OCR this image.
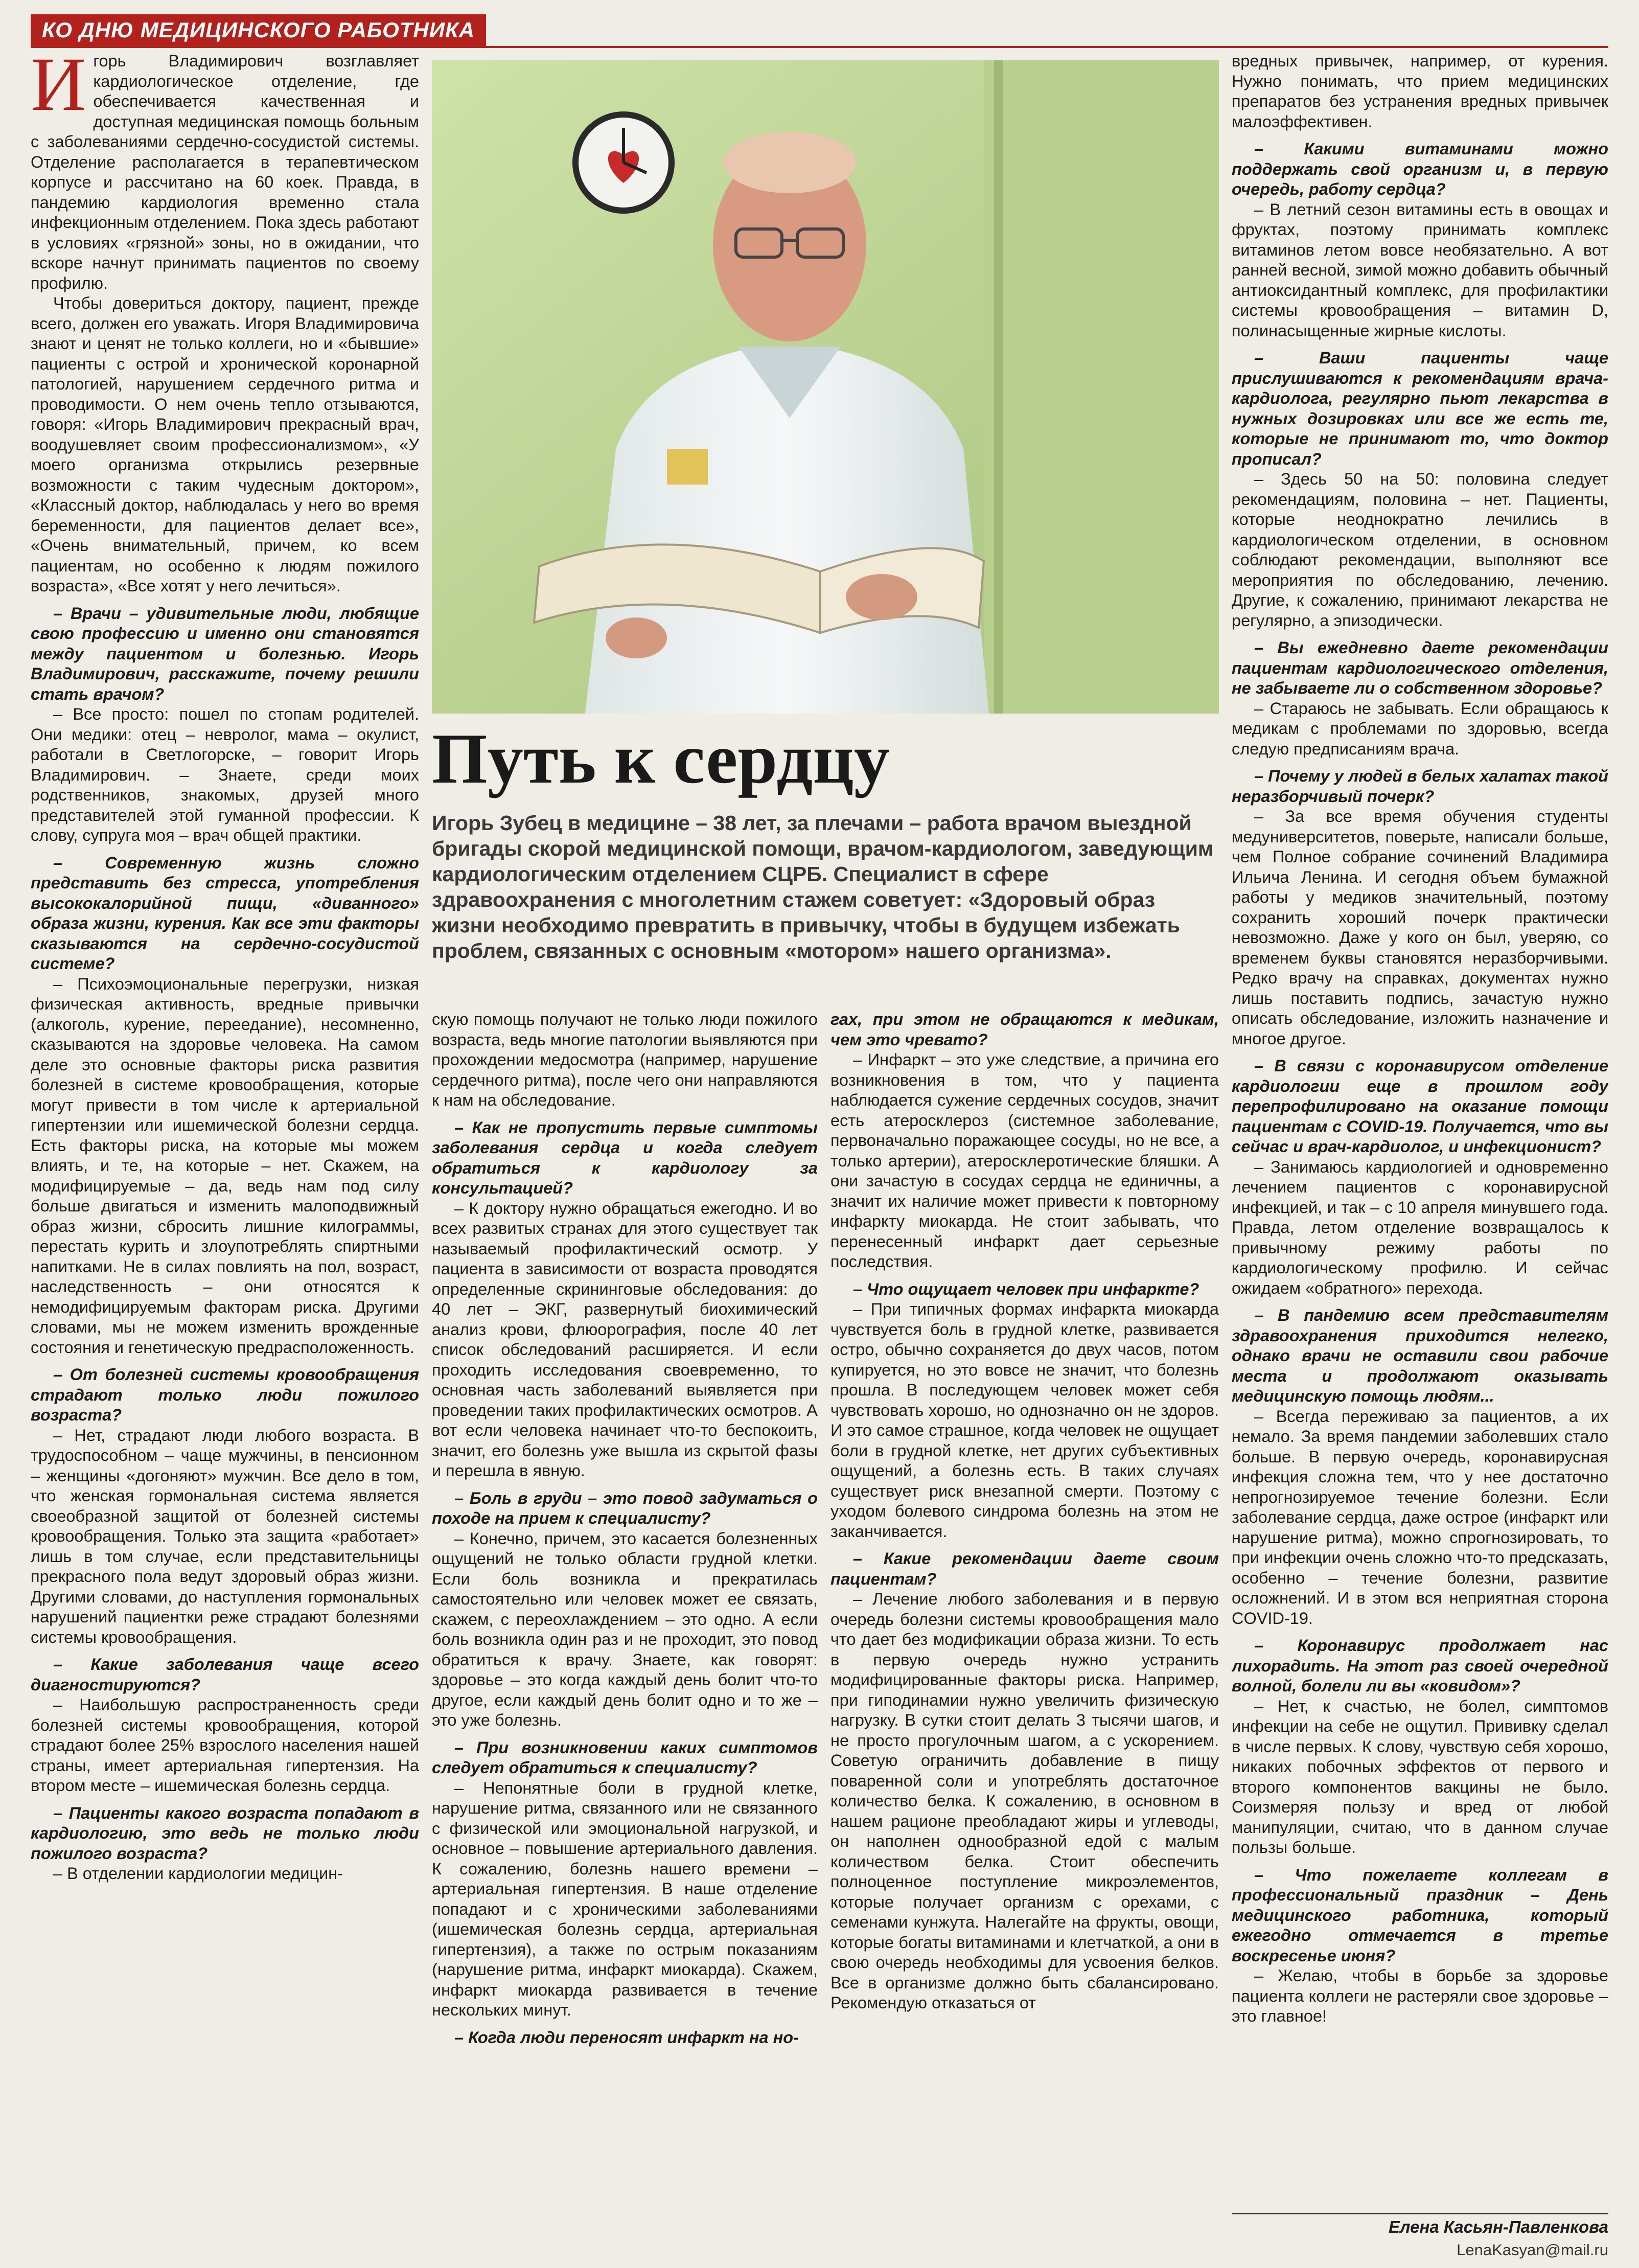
КО ДНЮ МЕДИЦИНСКОГО РАБОТНИКА

Игорь Владимирович возглавляет кардиологическое отделение, где обеспечивается качественная и доступная медицинская помощь больным с заболеваниями сердечно-сосудистой системы. Отделение располагается в терапевтическом корпусе и рассчитано на 60 коек. Правда, в пандемию кардиология временно стала инфекционным отделением. Пока здесь работают в условиях «грязной» зоны, но в ожидании, что вскоре начнут принимать пациентов по своему профилю.

Чтобы довериться доктору, пациент, прежде всего, должен его уважать. Игоря Владимировича знают и ценят не только коллеги, но и «бывшие» пациенты с острой и хронической коронарной патологией, нарушением сердечного ритма и проводимости. О нем очень тепло отзываются, говоря: «Игорь Владимирович прекрасный врач, воодушевляет своим профессионализмом», «У моего организма открылись резервные возможности с таким чудесным доктором», «Классный доктор, наблюдалась у него во время беременности, для пациентов делает все», «Очень внимательный, причем, ко всем пациентам, но особенно к людям пожилого возраста», «Все хотят у него лечиться».

– Врачи – удивительные люди, любящие свою профессию и именно они становятся между пациентом и болезнью. Игорь Владимирович, расскажите, почему решили стать врачом?

– Все просто: пошел по стопам родителей. Они медики: отец – невролог, мама – окулист, работали в Светлогорске, – говорит Игорь Владимирович. – Знаете, среди моих родственников, знакомых, друзей много представителей этой гуманной профессии. К слову, супруга моя – врач общей практики.

– Современную жизнь сложно представить без стресса, употребления высококалорийной пищи, «диванного» образа жизни, курения. Как все эти факторы сказываются на сердечно-сосудистой системе?

– Психоэмоциональные перегрузки, низкая физическая активность, вредные привычки (алкоголь, курение, переедание), несомненно, сказываются на здоровье человека. На самом деле это основные факторы риска развития болезней в системе кровообращения, которые могут привести в том числе к артериальной гипертензии или ишемической болезни сердца. Есть факторы риска, на которые мы можем влиять, и те, на которые – нет. Скажем, на модифицируемые – да, ведь нам под силу больше двигаться и изменить малоподвижный образ жизни, сбросить лишние килограммы, перестать курить и злоупотреблять спиртными напитками. Не в силах повлиять на пол, возраст, наследственность – они относятся к немодифицируемым факторам риска. Другими словами, мы не можем изменить врожденные состояния и генетическую предрасположенность.

– От болезней системы кровообращения страдают только люди пожилого возраста?

– Нет, страдают люди любого возраста. В трудоспособном – чаще мужчины, в пенсионном – женщины «догоняют» мужчин. Все дело в том, что женская гормональная система является своеобразной защитой от болезней системы кровообращения. Только эта защита «работает» лишь в том случае, если представительницы прекрасного пола ведут здоровый образ жизни. Другими словами, до наступления гормональных нарушений пациентки реже страдают болезнями системы кровообращения.

– Какие заболевания чаще всего диагностируются?

– Наибольшую распространенность среди болезней системы кровообращения, которой страдают более 25% взрослого населения нашей страны, имеет артериальная гипертензия. На втором месте – ишемическая болезнь сердца.

– Пациенты какого возраста попадают в кардиологию, это ведь не только люди пожилого возраста?

– В отделении кардиологии медицин-

Путь к сердцу
Игорь Зубец в медицине – 38 лет, за плечами – работа врачом выездной бригады скорой медицинской помощи, врачом-кардиологом, заведующим кардиологическим отделением СЦРБ. Специалист в сфере здравоохранения с многолетним стажем советует: «Здоровый образ жизни необходимо превратить в привычку, чтобы в будущем избежать проблем, связанных с основным «мотором» нашего организма».

скую помощь получают не только люди пожилого возраста, ведь многие патологии выявляются при прохождении медосмотра (например, нарушение сердечного ритма), после чего они направляются к нам на обследование.

– Как не пропустить первые симптомы заболевания сердца и когда следует обратиться к кардиологу за консультацией?

– К доктору нужно обращаться ежегодно. И во всех развитых странах для этого существует так называемый профилактический осмотр. У пациента в зависимости от возраста проводятся определенные скрининговые обследования: до 40 лет – ЭКГ, развернутый биохимический анализ крови, флюорография, после 40 лет список обследований расширяется. И если проходить исследования своевременно, то основная часть заболеваний выявляется при проведении таких профилактических осмотров. А вот если человека начинает что-то беспокоить, значит, его болезнь уже вышла из скрытой фазы и перешла в явную.

– Боль в груди – это повод задуматься о походе на прием к специалисту?

– Конечно, причем, это касается болезненных ощущений не только области грудной клетки. Если боль возникла и прекратилась самостоятельно или человек может ее связать, скажем, с переохлаждением – это одно. А если боль возникла один раз и не проходит, это повод обратиться к врачу. Знаете, как говорят: здоровье – это когда каждый день болит что-то другое, если каждый день болит одно и то же – это уже болезнь.

– При возникновении каких симптомов следует обратиться к специалисту?

– Непонятные боли в грудной клетке, нарушение ритма, связанного или не связанного с физической или эмоциональной нагрузкой, и основное – повышение артериального давления. К сожалению, болезнь нашего времени – артериальная гипертензия. В наше отделение попадают и с хроническими заболеваниями (ишемическая болезнь сердца, артериальная гипертензия), а также по острым показаниям (нарушение ритма, инфаркт миокарда). Скажем, инфаркт миокарда развивается в течение нескольких минут.

– Когда люди переносят инфаркт на но-

гах, при этом не обращаются к медикам, чем это чревато?

– Инфаркт – это уже следствие, а причина его возникновения в том, что у пациента наблюдается сужение сердечных сосудов, значит есть атеросклероз (системное заболевание, первоначально поражающее сосуды, но не все, а только артерии), атеросклеротические бляшки. А они зачастую в сосудах сердца не единичны, а значит их наличие может привести к повторному инфаркту миокарда. Не стоит забывать, что перенесенный инфаркт дает серьезные последствия.

– Что ощущает человек при инфаркте?

– При типичных формах инфаркта миокарда чувствуется боль в грудной клетке, развивается остро, обычно сохраняется до двух часов, потом купируется, но это вовсе не значит, что болезнь прошла. В последующем человек может себя чувствовать хорошо, но однозначно он не здоров. И это самое страшное, когда человек не ощущает боли в грудной клетке, нет других субъективных ощущений, а болезнь есть. В таких случаях существует риск внезапной смерти. Поэтому с уходом болевого синдрома болезнь на этом не заканчивается.

– Какие рекомендации даете своим пациентам?

– Лечение любого заболевания и в первую очередь болезни системы кровообращения мало что дает без модификации образа жизни. То есть в первую очередь нужно устранить модифицированные факторы риска. Например, при гиподинамии нужно увеличить физическую нагрузку. В сутки стоит делать 3 тысячи шагов, и не просто прогулочным шагом, а с ускорением. Советую ограничить добавление в пищу поваренной соли и употреблять достаточное количество белка. К сожалению, в основном в нашем рационе преобладают жиры и углеводы, он наполнен однообразной едой с малым количеством белка. Стоит обеспечить полноценное поступление микроэлементов, которые получает организм с орехами, с семенами кунжута. Налегайте на фрукты, овощи, которые богаты витаминами и клетчаткой, а они в свою очередь необходимы для усвоения белков. Все в организме должно быть сбалансировано. Рекомендую отказаться от

вредных привычек, например, от курения. Нужно понимать, что прием медицинских препаратов без устранения вредных привычек малоэффективен.

– Какими витаминами можно поддержать свой организм и, в первую очередь, работу сердца?

– В летний сезон витамины есть в овощах и фруктах, поэтому принимать комплекс витаминов летом вовсе необязательно. А вот ранней весной, зимой можно добавить обычный антиоксидантный комплекс, для профилактики системы кровообращения – витамин D, полинасыщенные жирные кислоты.

– Ваши пациенты чаще прислушиваются к рекомендациям врача-кардиолога, регулярно пьют лекарства в нужных дозировках или все же есть те, которые не принимают то, что доктор прописал?

– Здесь 50 на 50: половина следует рекомендациям, половина – нет. Пациенты, которые неоднократно лечились в кардиологическом отделении, в основном соблюдают рекомендации, выполняют все мероприятия по обследованию, лечению. Другие, к сожалению, принимают лекарства не регулярно, а эпизодически.

– Вы ежедневно даете рекомендации пациентам кардиологического отделения, не забываете ли о собственном здоровье?

– Стараюсь не забывать. Если обращаюсь к медикам с проблемами по здоровью, всегда следую предписаниям врача.

– Почему у людей в белых халатах такой неразборчивый почерк?

– За все время обучения студенты медуниверситетов, поверьте, написали больше, чем Полное собрание сочинений Владимира Ильича Ленина. И сегодня объем бумажной работы у медиков значительный, поэтому сохранить хороший почерк практически невозможно. Даже у кого он был, уверяю, со временем буквы становятся неразборчивыми. Редко врачу на справках, документах нужно лишь поставить подпись, зачастую нужно описать обследование, изложить назначение и многое другое.

– В связи с коронавирусом отделение кардиологии еще в прошлом году перепрофилировано на оказание помощи пациентам с COVID-19. Получается, что вы сейчас и врач-кардиолог, и инфекционист?

– Занимаюсь кардиологией и одновременно лечением пациентов с коронавирусной инфекцией, и так – с 10 апреля минувшего года. Правда, летом отделение возвращалось к привычному режиму работы по кардиологическому профилю. И сейчас ожидаем «обратного» перехода.

– В пандемию всем представителям здравоохранения приходится нелегко, однако врачи не оставили свои рабочие места и продолжают оказывать медицинскую помощь людям...

– Всегда переживаю за пациентов, а их немало. За время пандемии заболевших стало больше. В первую очередь, коронавирусная инфекция сложна тем, что у нее достаточно непрогнозируемое течение болезни. Если заболевание сердца, даже острое (инфаркт или нарушение ритма), можно спрогнозировать, то при инфекции очень сложно что-то предсказать, особенно – течение болезни, развитие осложнений. И в этом вся неприятная сторона COVID-19.

– Коронавирус продолжает нас лихорадить. На этот раз своей очередной волной, болели ли вы «ковидом»?

– Нет, к счастью, не болел, симптомов инфекции на себе не ощутил. Прививку сделал в числе первых. К слову, чувствую себя хорошо, никаких побочных эффектов от первого и второго компонентов вакцины не было. Соизмеряя пользу и вред от любой манипуляции, считаю, что в данном случае пользы больше.

– Что пожелаете коллегам в профессиональный праздник – День медицинского работника, который ежегодно отмечается в третье воскресенье июня?

– Желаю, чтобы в борьбе за здоровье пациента коллеги не растеряли свое здоровье – это главное!

Елена Касьян-Павленкова
LenaKasyan@mail.ru
